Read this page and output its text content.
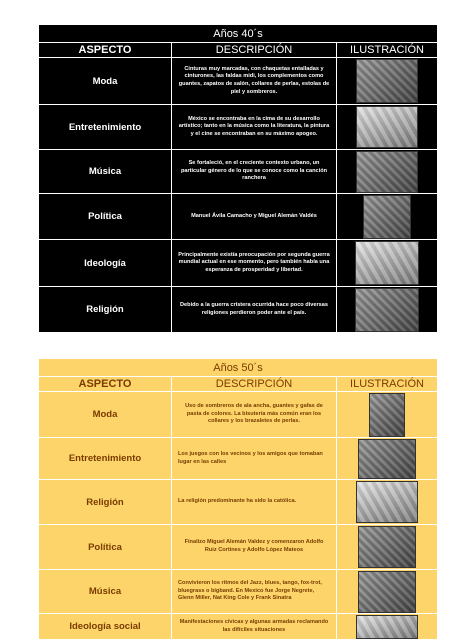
Años 40´s		
ASPECTO	DESCRIPCIÓN	ILUSTRACIÓN
Moda	Cinturas muy marcadas, con chaquetas entalladas y cinturones, las faldas midi, los complementos como guantes, zapatos de salón, collares de perlas, estolas de piel y sombreros.	
Entretenimiento	México se encontraba en la cima de su desarrollo artístico; tanto en la música como la literatura, la pintura y el cine se encontraban en su máximo apogeo.	
Música	Se fortaleció, en el creciente contexto urbano, un particular género de lo que se conoce como la canción ranchera	
Política	Manuel Ávila Camacho y Miguel Alemán Valdés	
Ideología	Principalmente existía preocupación por segunda guerra mundial actual en ese momento, pero también había una esperanza de prosperidad y libertad.	
Religión	Debido a la guerra cristera ocurrida hace poco diversas religiones perdieron poder ante el país.	
Años 50´s		
ASPECTO	DESCRIPCIÓN	ILUSTRACIÓN
Moda	Uso de sombreros de ala ancha, guantes y gafas de pasta de colores. La bisutería más común eran los collares y los brazaletes de perlas.	
Entretenimiento	Los juegos con los vecinos y los amigos que tomaban lugar en las calles	
Religión	La religión predominante ha sido la católica.	
Política	Finalizo Miguel Alemán Valdez y comenzaron Adolfo Ruiz Cortines y Adolfo López Mateos	
Música	Convivieron los ritmos del Jazz, blues, tango, fox-trot, bluegrass o bigband. En Mexico fue Jorge Negrete, Glenn Miller, Nat King Cole y Frank Sinatra	
Ideología social	Manifestaciones cívicas y algunas armadas reclamando las difíciles situaciones	
